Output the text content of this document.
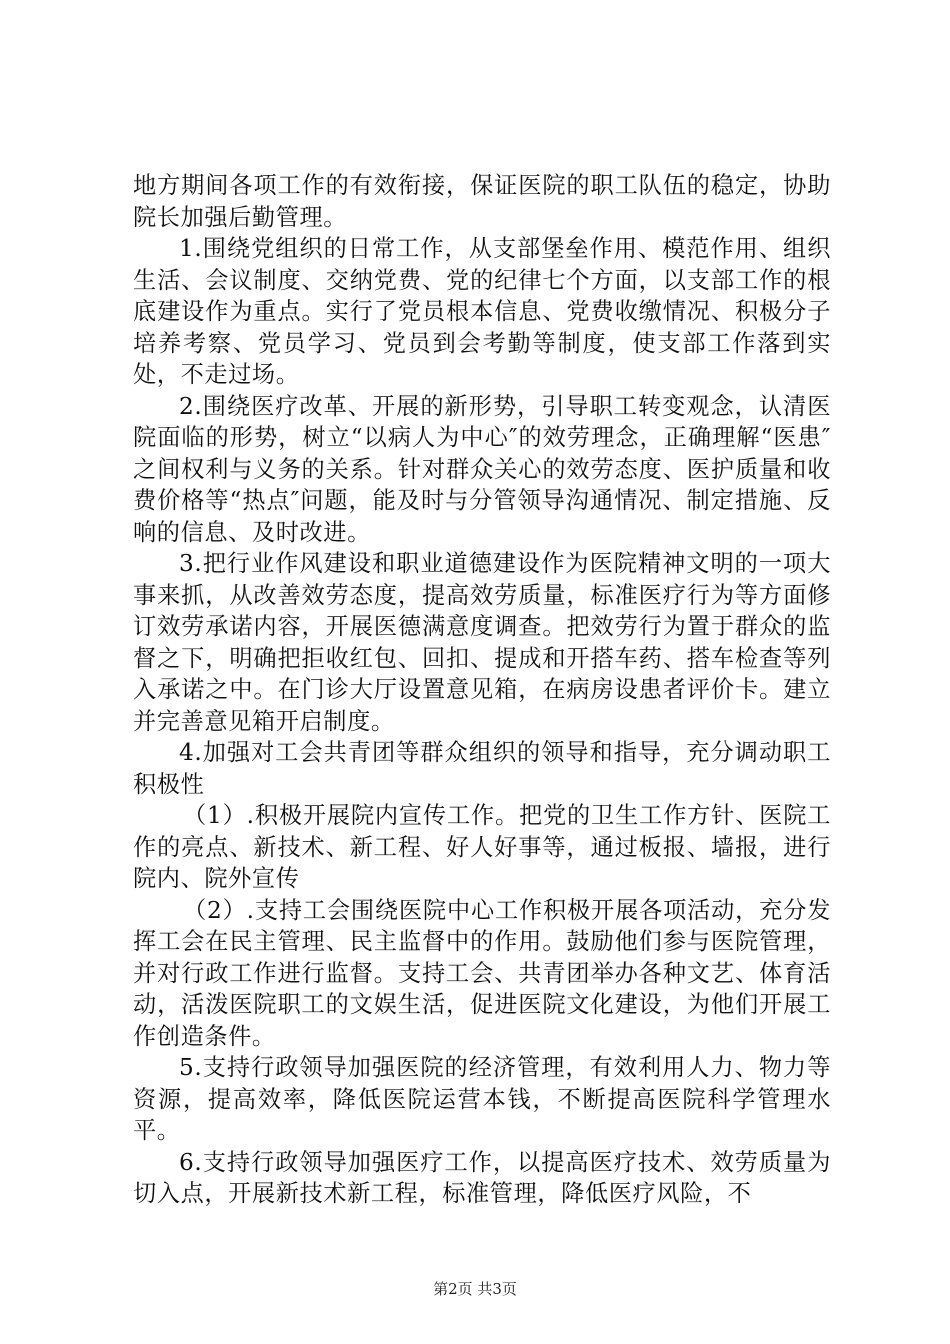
地方期间各项工作的有效衔接，保证医院的职工队伍的稳定，协助院长加强后勤管理。

1.围绕党组织的日常工作，从支部堡垒作用、模范作用、组织生活、会议制度、交纳党费、党的纪律七个方面，以支部工作的根底建设作为重点。实行了党员根本信息、党费收缴情况、积极分子培养考察、党员学习、党员到会考勤等制度，使支部工作落到实处，不走过场。

2.围绕医疗改革、开展的新形势，引导职工转变观念，认清医院面临的形势，树立“以病人为中心″的效劳理念，正确理解“医患″之间权利与义务的关系。针对群众关心的效劳态度、医护质量和收费价格等“热点″问题，能及时与分管领导沟通情况、制定措施、反响的信息、及时改进。

3.把行业作风建设和职业道德建设作为医院精神文明的一项大事来抓，从改善效劳态度，提高效劳质量，标准医疗行为等方面修订效劳承诺内容，开展医德满意度调查。把效劳行为置于群众的监督之下，明确把拒收红包、回扣、提成和开搭车药、搭车检查等列入承诺之中。在门诊大厅设置意见箱，在病房设患者评价卡。建立并完善意见箱开启制度。

4.加强对工会共青团等群众组织的领导和指导，充分调动职工积极性

（1）.积极开展院内宣传工作。把党的卫生工作方针、医院工作的亮点、新技术、新工程、好人好事等，通过板报、墙报，进行院内、院外宣传

（2）.支持工会围绕医院中心工作积极开展各项活动，充分发挥工会在民主管理、民主监督中的作用。鼓励他们参与医院管理，并对行政工作进行监督。支持工会、共青团举办各种文艺、体育活动，活泼医院职工的文娱生活，促进医院文化建设，为他们开展工作创造条件。

5.支持行政领导加强医院的经济管理，有效利用人力、物力等资源，提高效率，降低医院运营本钱，不断提高医院科学管理水平。

6.支持行政领导加强医疗工作，以提高医疗技术、效劳质量为切入点，开展新技术新工程，标准管理，降低医疗风险，不

第2页 共3页
